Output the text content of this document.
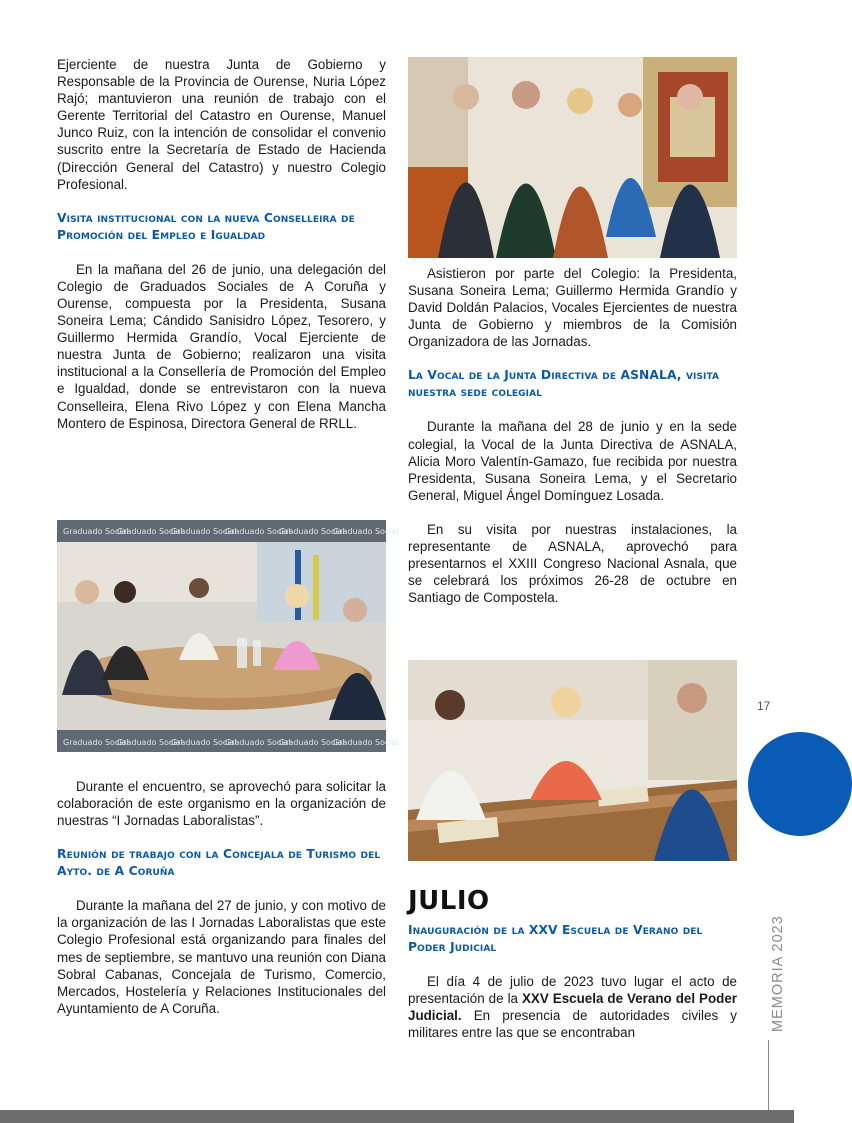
Ejerciente de nuestra Junta de Gobierno y Responsable de la Provincia de Ourense, Nuria López Rajó; mantuvieron una reunión de trabajo con el Gerente Territorial del Catastro en Ourense, Manuel Junco Ruiz, con la intención de consolidar el convenio suscrito entre la Secretaría de Estado de Hacienda (Dirección General del Catastro) y nuestro Colegio Profesional.

Visita institucional con la nueva Conselleira de Promoción del Empleo e Igualdad

En la mañana del 26 de junio, una delegación del Colegio de Graduados Sociales de A Coruña y Ourense, compuesta por la Presidenta, Susana Soneira Lema; Cándido Sanisidro López, Tesorero, y Guillermo Hermida Grandío, Vocal Ejerciente de nuestra Junta de Gobierno; realizaron una visita institucional a la Consellería de Promoción del Empleo e Igualdad, donde se entrevistaron con la nueva Conselleira, Elena Rivo López y con Elena Mancha Montero de Espinosa, Directora General de RRLL.

Graduado Social
Graduado Social
Graduado Social
Graduado Social
Graduado Social
Graduado Social
Graduado Social
Graduado Social
Graduado Social
Graduado Social
Graduado Social
Graduado Social

Durante el encuentro, se aprovechó para solicitar la colaboración de este organismo en la organización de nuestras “I Jornadas Laboralistas”.

Reunión de trabajo con la Concejala de Turismo del Ayto. de A Coruña

Durante la mañana del 27 de junio, y con motivo de la organización de las I Jornadas Laboralistas que este Colegio Profesional está organizando para finales del mes de septiembre, se mantuvo una reunión con Diana Sobral Cabanas, Concejala de Turismo, Comercio, Mercados, Hostelería y Relaciones Institucionales del Ayuntamiento de A Coruña.

Asistieron por parte del Colegio: la Presidenta, Susana Soneira Lema; Guillermo Hermida Grandío y David Doldán Palacios, Vocales Ejercientes de nuestra Junta de Gobierno y miembros de la Comisión Organizadora de las Jornadas.

La Vocal de la Junta Directiva de ASNALA, visita nuestra sede colegial

Durante la mañana del 28 de junio y en la sede colegial, la Vocal de la Junta Directiva de ASNALA, Alicia Moro Valentín-Gamazo, fue recibida por nuestra Presidenta, Susana Soneira Lema, y el Secretario General, Miguel Ángel Domínguez Losada.

En su visita por nuestras instalaciones, la representante de ASNALA, aprovechó para presentarnos el XXIII Congreso Nacional Asnala, que se celebrará los próximos 26-28 de octubre en Santiago de Compostela.

JULIO
Inauguración de la XXV Escuela de Verano del Poder Judicial

El día 4 de julio de 2023 tuvo lugar el acto de presentación de la XXV Escuela de Verano del Poder Judicial. En presencia de autoridades civiles y militares entre las que se encontraban

17
MEMORIA 2023
